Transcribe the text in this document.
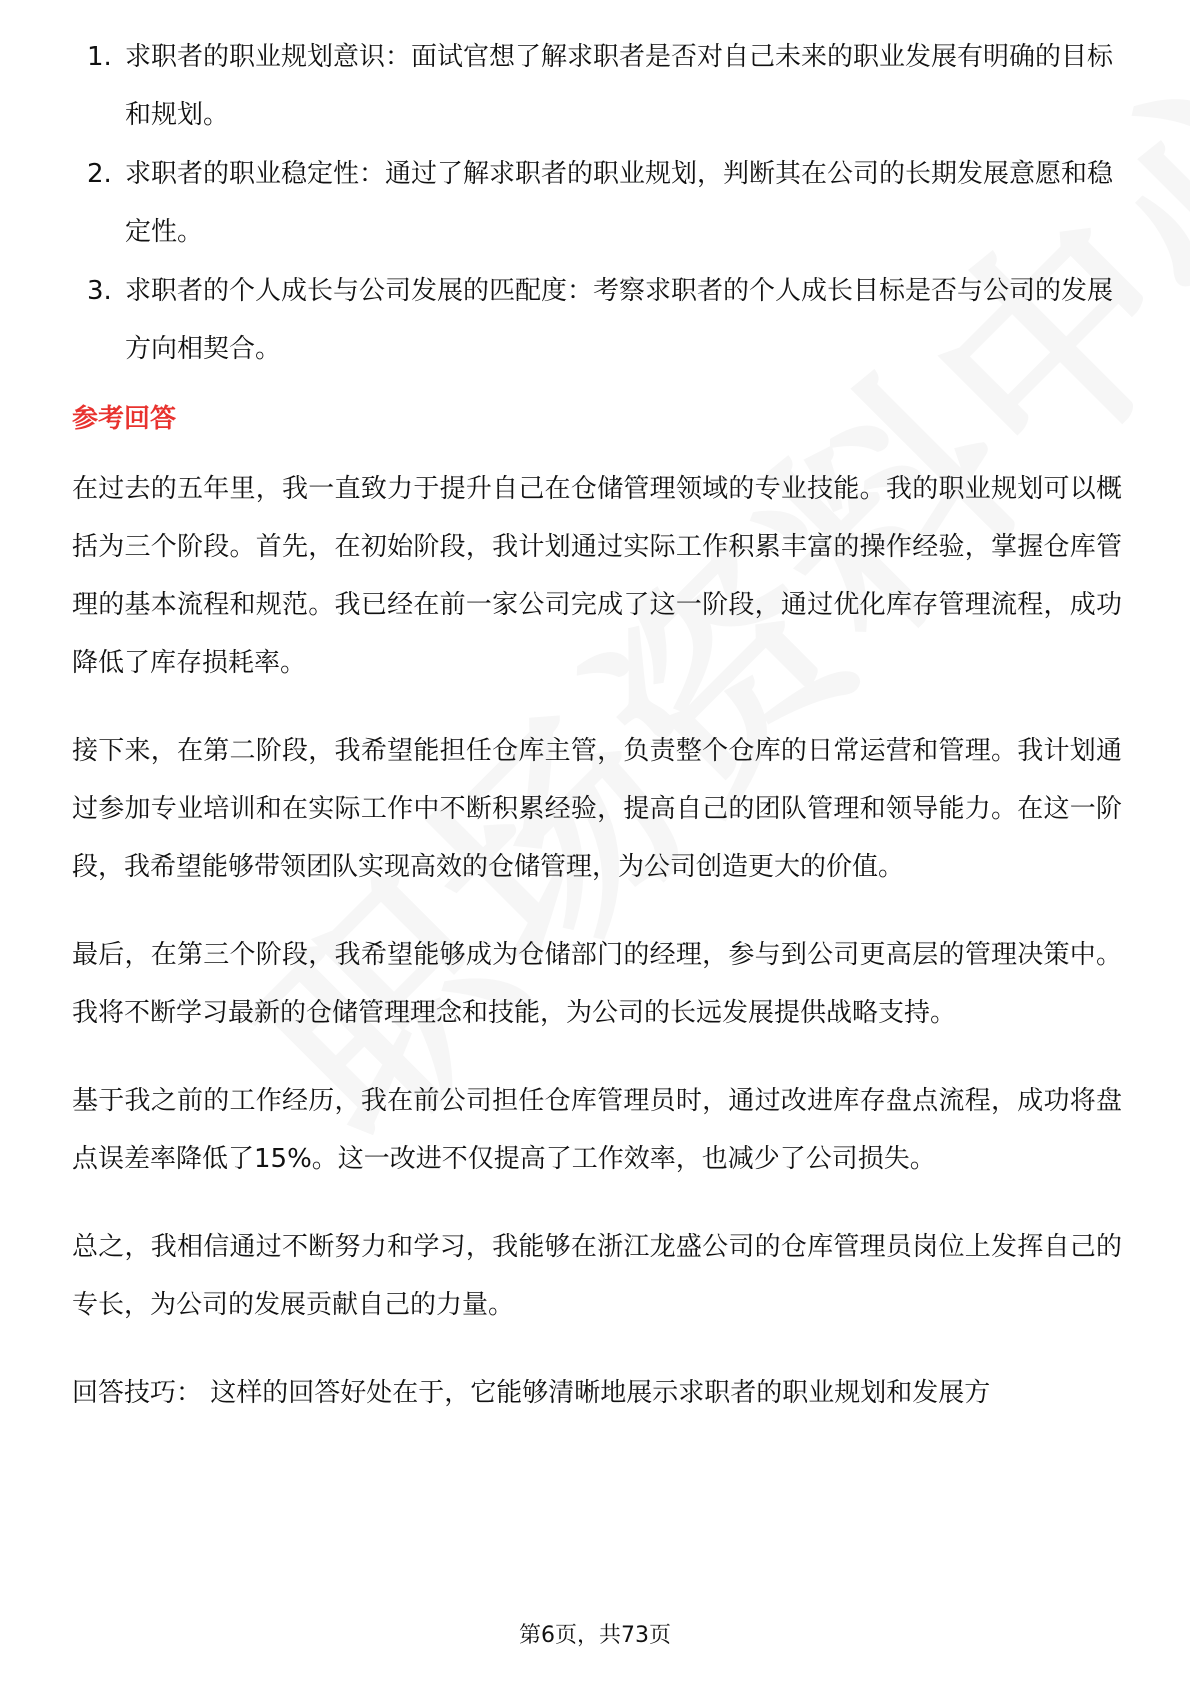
1. 求职者的职业规划意识：面试官想了解求职者是否对自己未来的职业发展有明确的目标和规划。
2. 求职者的职业稳定性：通过了解求职者的职业规划，判断其在公司的长期发展意愿和稳定性。
3. 求职者的个人成长与公司发展的匹配度：考察求职者的个人成长目标是否与公司的发展方向相契合。
参考回答

在过去的五年里，我一直致力于提升自己在仓储管理领域的专业技能。我的职业规划可以概括为三个阶段。首先，在初始阶段，我计划通过实际工作积累丰富的操作经验，掌握仓库管理的基本流程和规范。我已经在前一家公司完成了这一阶段，通过优化库存管理流程，成功降低了库存损耗率。

接下来，在第二阶段，我希望能担任仓库主管，负责整个仓库的日常运营和管理。我计划通过参加专业培训和在实际工作中不断积累经验，提高自己的团队管理和领导能力。在这一阶段，我希望能够带领团队实现高效的仓储管理，为公司创造更大的价值。

最后，在第三个阶段，我希望能够成为仓储部门的经理，参与到公司更高层的管理决策中。我将不断学习最新的仓储管理理念和技能，为公司的长远发展提供战略支持。

基于我之前的工作经历，我在前公司担任仓库管理员时，通过改进库存盘点流程，成功将盘点误差率降低了15%。这一改进不仅提高了工作效率，也减少了公司损失。

总之，我相信通过不断努力和学习，我能够在浙江龙盛公司的仓库管理员岗位上发挥自己的专长，为公司的发展贡献自己的力量。

回答技巧： 这样的回答好处在于，它能够清晰地展示求职者的职业规划和发展方

第6页，共73页
